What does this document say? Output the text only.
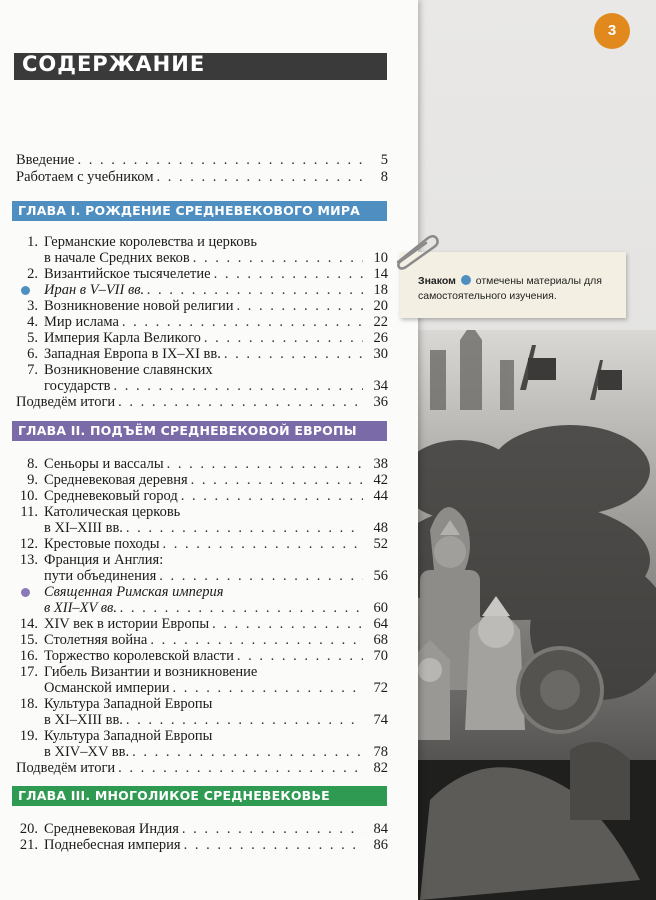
СОДЕРЖАНИЕ
Введение . . .	5
Работаем с учебником . . .	8
ГЛАВА I. РОЖДЕНИЕ СРЕДНЕВЕКОВОГО МИРА
1. Германские королевства и церковь
в начале Средних веков . . .	10
2. Византийское тысячелетие . . .	14
Иран в V–VII вв. . . .	18
3. Возникновение новой религии . . .	20
4. Мир ислама . . .	22
5. Империя Карла Великого . . .	26
6. Западная Европа в IX–XI вв. . . .	30
7. Возникновение славянских
государств . . .	34
Подведём итоги . . .	36
ГЛАВА II. ПОДЪЁМ СРЕДНЕВЕКОВОЙ ЕВРОПЫ
8. Сеньоры и вассалы . . .	38
9. Средневековая деревня . . .	42
10. Средневековый город . . .	44
11. Католическая церковь
в XI–XIII вв. . . .	48
12. Крестовые походы . . .	52
13. Франция и Англия:
пути объединения . . .	56
Священная Римская империя
в XII–XV вв. . . .	60
14. XIV век в истории Европы . . .	64
15. Столетняя война . . .	68
16. Торжество королевской власти . . .	70
17. Гибель Византии и возникновение
Османской империи . . .	72
18. Культура Западной Европы
в XI–XIII вв. . . .	74
19. Культура Западной Европы
в XIV–XV вв. . . .	78
Подведём итоги . . .	82
ГЛАВА III. МНОГОЛИКОЕ СРЕДНЕВЕКОВЬЕ
20. Средневековая Индия . . .	84
21. Поднебесная империя . . .	86
3
Знаком отмечены материалы для самостоятельного изучения.
